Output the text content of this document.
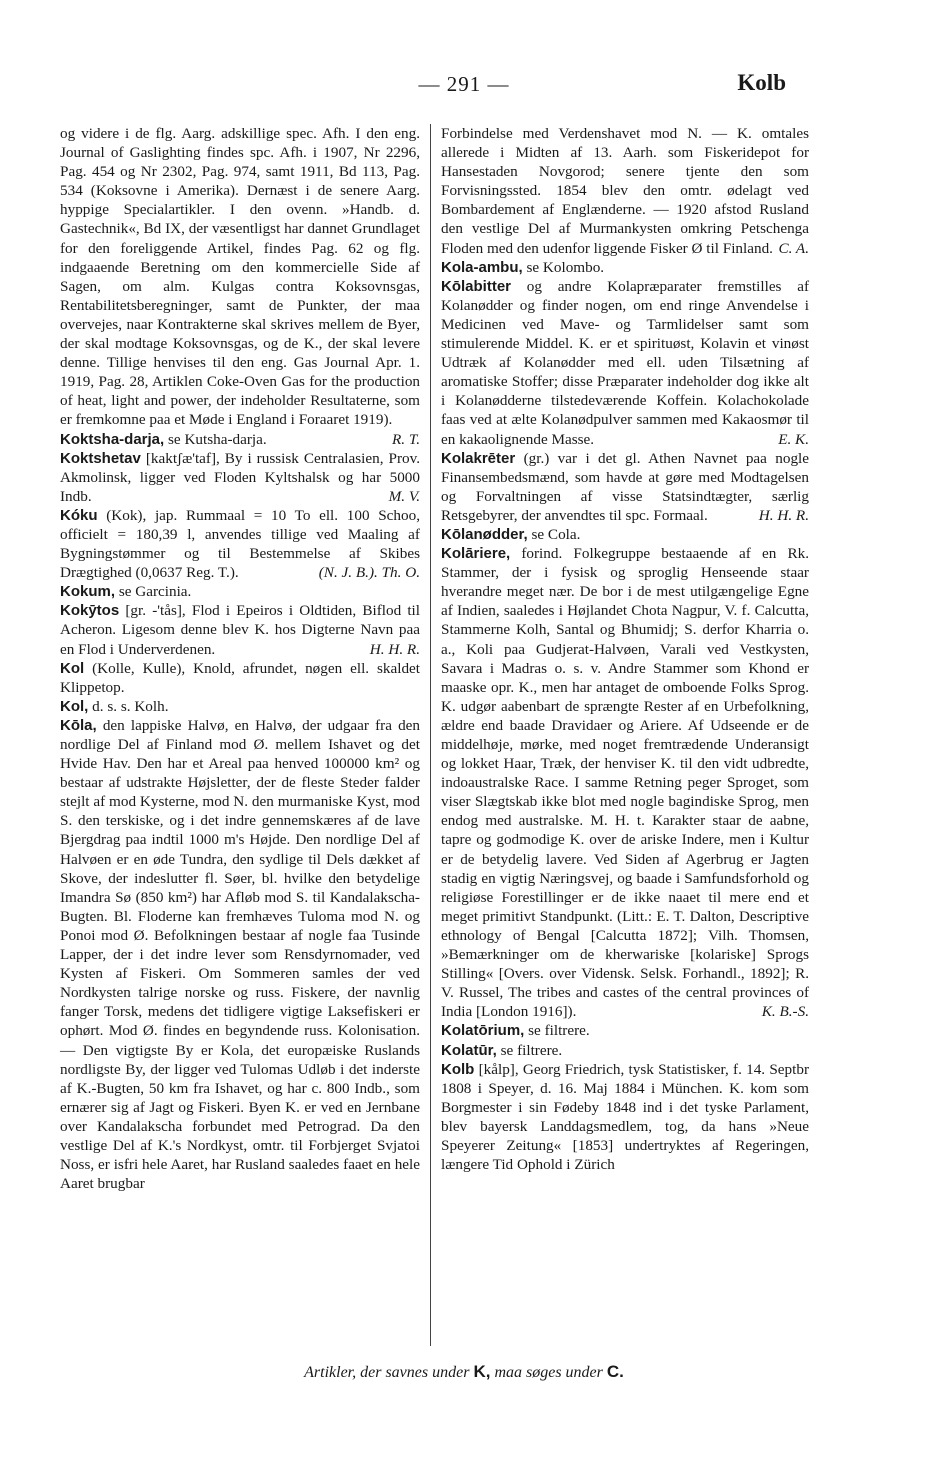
— 291 —	Kolb

og videre i de flg. Aarg. adskillige spec. Afh. I den eng. Journal of Gaslighting findes spc. Afh. i 1907, Nr 2296, Pag. 454 og Nr 2302, Pag. 974, samt 1911, Bd 113, Pag. 534 (Koksovne i Amerika). Dernæst i de senere Aarg. hyppige Specialartikler. I den ovenn. »Handb. d. Gastechnik«, Bd IX, der væsentligst har dannet Grundlaget for den foreliggende Artikel, findes Pag. 62 og flg. indgaaende Beretning om den kommercielle Side af Sagen, om alm. Kulgas contra Koksovnsgas, Rentabilitetsberegninger, samt de Punkter, der maa overvejes, naar Kontrakterne skal skrives mellem de Byer, der skal modtage Koksovnsgas, og de K., der skal levere denne. Tillige henvises til den eng. Gas Journal Apr. 1. 1919, Pag. 28, Artiklen Coke-Oven Gas for the production of heat, light and power, der indeholder Resultaterne, som er fremkomne paa et Møde i England i Foraaret 1919).
R. T.

Koktsha-darja, se Kutsha-darja.

Koktshetav [kaktʃæ'taf], By i russisk Centralasien, Prov. Akmolinsk, ligger ved Floden Kyltshalsk og har 5000 Indb.	M. V.

Kóku (Kok), jap. Rummaal = 10 To ell. 100 Schoo, officielt = 180,39 l, anvendes tillige ved Maaling af Bygningstømmer og til Bestemmelse af Skibes Drægtighed (0,0637 Reg. T.).	(N. J. B.). Th. O.

Kokum, se Garcinia.

Kokȳtos [gr. -'tås], Flod i Epeiros i Oldtiden, Biflod til Acheron. Ligesom denne blev K. hos Digterne Navn paa en Flod i Underverdenen.	H. H. R.

Kol (Kolle, Kulle), Knold, afrundet, nøgen ell. skaldet Klippetop.

Kol, d. s. s. Kolh.

Kōla, den lappiske Halvø, en Halvø, der udgaar fra den nordlige Del af Finland mod Ø. mellem Ishavet og det Hvide Hav. Den har et Areal paa henved 100000 km² og bestaar af udstrakte Højsletter, der de fleste Steder falder stejlt af mod Kysterne, mod N. den murmaniske Kyst, mod S. den terskiske, og i det indre gennemskæres af de lave Bjergdrag paa indtil 1000 m's Højde. Den nordlige Del af Halvøen er en øde Tundra, den sydlige til Dels dækket af Skove, der indeslutter fl. Søer, bl. hvilke den betydelige Imandra Sø (850 km²) har Afløb mod S. til Kandalakscha-Bugten. Bl. Floderne kan fremhæves Tuloma mod N. og Ponoi mod Ø. Befolkningen bestaar af nogle faa Tusinde Lapper, der i det indre lever som Rensdyrnomader, ved Kysten af Fiskeri. Om Sommeren samles der ved Nordkysten talrige norske og russ. Fiskere, der navnlig fanger Torsk, medens det tidligere vigtige Laksefiskeri er ophørt. Mod Ø. findes en begyndende russ. Kolonisation. — Den vigtigste By er Kola, det europæiske Ruslands nordligste By, der ligger ved Tulomas Udløb i det inderste af K.-Bugten, 50 km fra Ishavet, og har c. 800 Indb., som ernærer sig af Jagt og Fiskeri. Byen K. er ved en Jernbane over Kandalakscha forbundet med Petrograd. Da den vestlige Del af K.'s Nordkyst, omtr. til Forbjerget Svjatoi Noss, er isfri hele Aaret, har Rusland saaledes faaet en hele Aaret brugbar

Forbindelse med Verdenshavet mod N. — K. omtales allerede i Midten af 13. Aarh. som Fiskeridepot for Hansestaden Novgorod; senere tjente den som Forvisningssted. 1854 blev den omtr. ødelagt ved Bombardement af Englænderne. — 1920 afstod Rusland den vestlige Del af Murmankysten omkring Petschenga Floden med den udenfor liggende Fisker Ø til Finland. C. A.

Kola-ambu, se Kolombo.

Kōlabitter og andre Kolapræparater fremstilles af Kolanødder og finder nogen, om end ringe Anvendelse i Medicinen ved Mave- og Tarmlidelser samt som stimulerende Middel. K. er et spirituøst, Kolavin et vinøst Udtræk af Kolanødder med ell. uden Tilsætning af aromatiske Stoffer; disse Præparater indeholder dog ikke alt i Kolanødderne tilstedeværende Koffein. Kolachokolade faas ved at ælte Kolanødpulver sammen med Kakaosmør til en kakaolignende Masse.	E. K.

Kolakrēter (gr.) var i det gl. Athen Navnet paa nogle Finansembedsmænd, som havde at gøre med Modtagelsen og Forvaltningen af visse Statsindtægter, særlig Retsgebyrer, der anvendtes til spc. Formaal.	H. H. R.

Kōlanødder, se Cola.

Kolāriere, forind. Folkegruppe bestaaende af en Rk. Stammer, der i fysisk og sproglig Henseende staar hverandre meget nær. De bor i de mest utilgængelige Egne af Indien, saaledes i Højlandet Chota Nagpur, V. f. Calcutta, Stammerne Kolh, Santal og Bhumidj; S. derfor Kharria o. a., Koli paa Gudjerat-Halvøen, Varali ved Vestkysten, Savara i Madras o. s. v. Andre Stammer som Khond er maaske opr. K., men har antaget de omboende Folks Sprog. K. udgør aabenbart de sprængte Rester af en Urbefolkning, ældre end baade Dravidaer og Ariere. Af Udseende er de middelhøje, mørke, med noget fremtrædende Underansigt og lokket Haar, Træk, der henviser K. til den vidt udbredte, indoaustralske Race. I samme Retning peger Sproget, som viser Slægtskab ikke blot med nogle bagindiske Sprog, men endog med australske. M. H. t. Karakter staar de aabne, tapre og godmodige K. over de ariske Indere, men i Kultur er de betydelig lavere. Ved Siden af Agerbrug er Jagten stadig en vigtig Næringsvej, og baade i Samfundsforhold og religiøse Forestillinger er de ikke naaet til mere end et meget primitivt Standpunkt. (Litt.: E. T. Dalton, Descriptive ethnology of Bengal [Calcutta 1872]; Vilh. Thomsen, »Bemærkninger om de kherwariske [kolariske] Sprogs Stilling« [Overs. over Vidensk. Selsk. Forhandl., 1892]; R. V. Russel, The tribes and castes of the central provinces of India [London 1916]).	K. B.-S.

Kolatōrium, se filtrere.

Kolatūr, se filtrere.

Kolb [kålp], Georg Friedrich, tysk Statistisker, f. 14. Septbr 1808 i Speyer, d. 16. Maj 1884 i München. K. kom som Borgmester i sin Fødeby 1848 ind i det tyske Parlament, blev bayersk Landdagsmedlem, tog, da hans »Neue Speyerer Zeitung« [1853] undertryktes af Regeringen, længere Tid Ophold i Zürich

Artikler, der savnes under K, maa søges under C.
